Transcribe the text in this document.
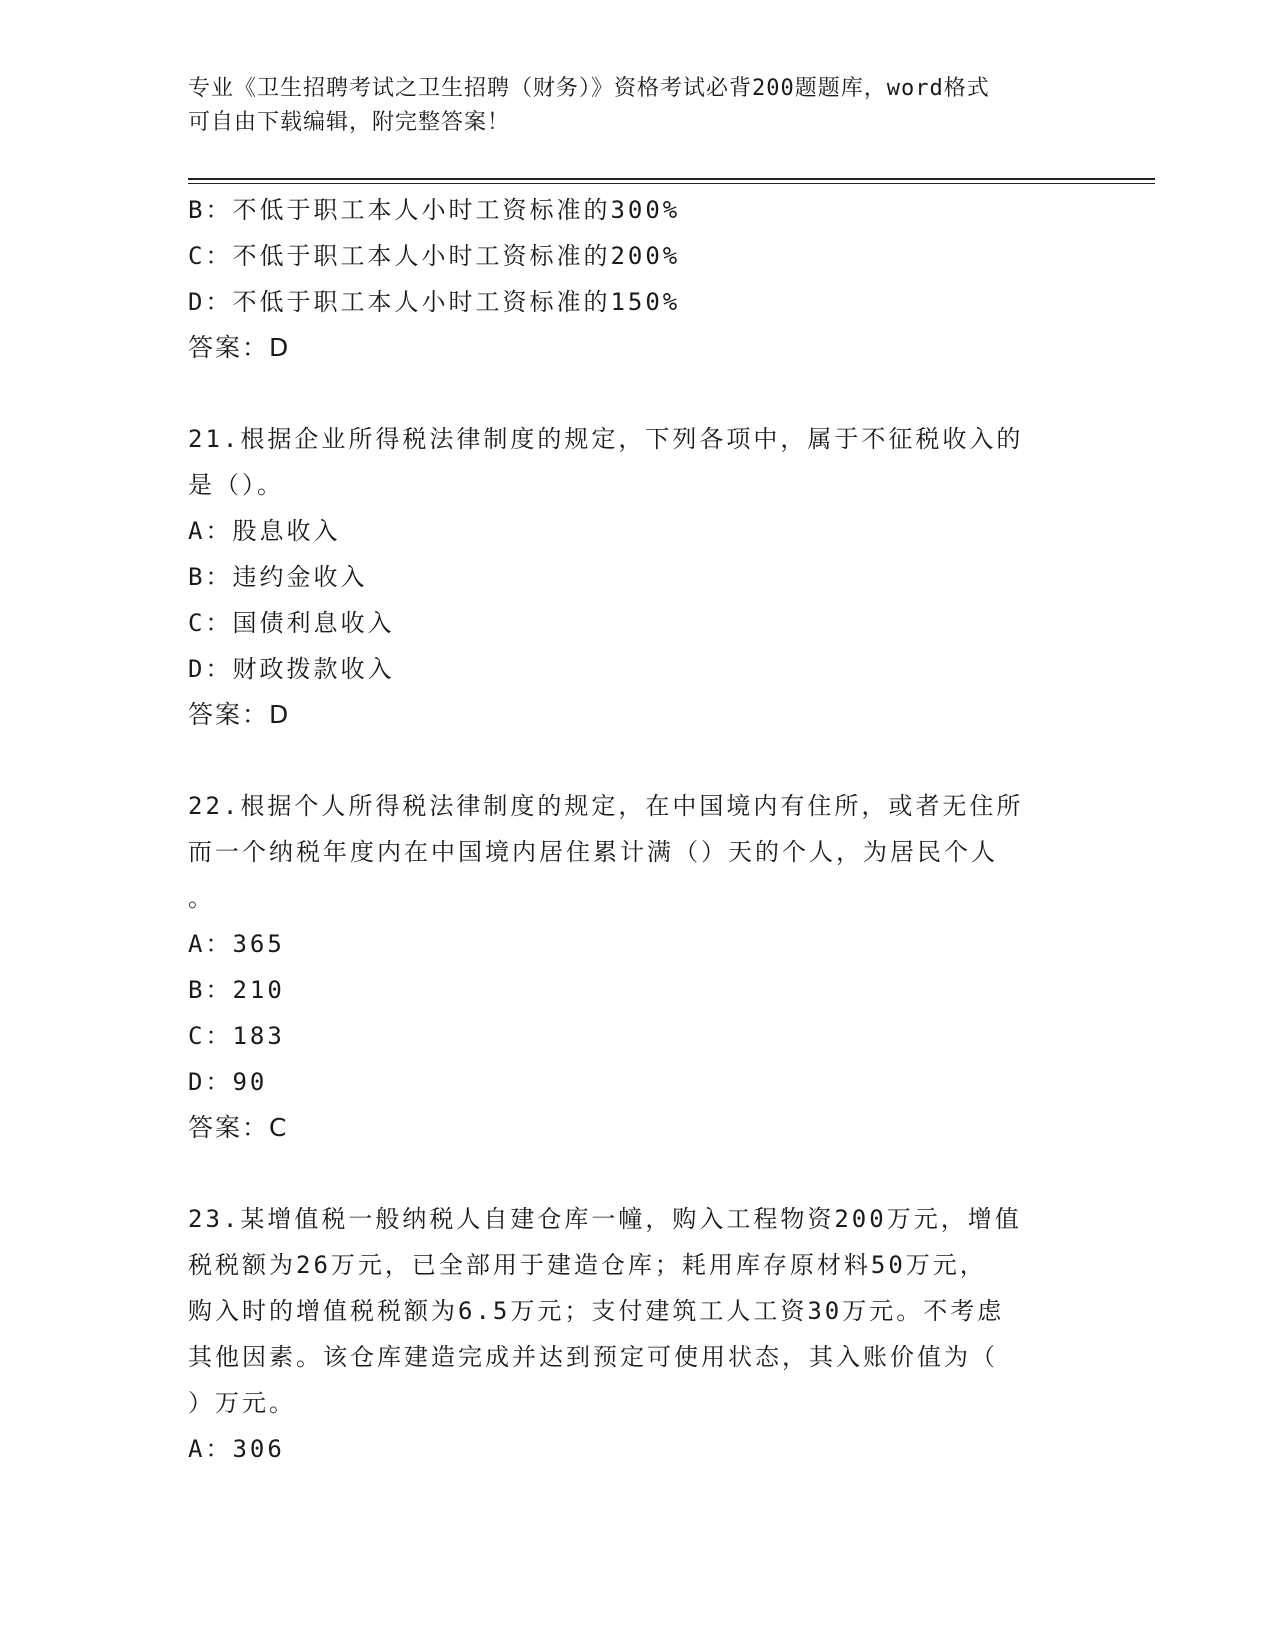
专业《卫生招聘考试之卫生招聘（财务）》资格考试必背200题题库，word格式
可自由下载编辑，附完整答案！
B：不低于职工本人小时工资标准的300%
C：不低于职工本人小时工资标准的200%
D：不低于职工本人小时工资标准的150%
答案：D
21.根据企业所得税法律制度的规定，下列各项中，属于不征税收入的
是（）。
A：股息收入
B：违约金收入
C：国债利息收入
D：财政拨款收入
答案：D
22.根据个人所得税法律制度的规定，在中国境内有住所，或者无住所
而一个纳税年度内在中国境内居住累计满（）天的个人，为居民个人
。
A：365
B：210
C：183
D：90
答案：C
23.某增值税一般纳税人自建仓库一幢，购入工程物资200万元，增值
税税额为26万元，已全部用于建造仓库；耗用库存原材料50万元，
购入时的增值税税额为6.5万元；支付建筑工人工资30万元。不考虑
其他因素。该仓库建造完成并达到预定可使用状态，其入账价值为（
）万元。
A：306
